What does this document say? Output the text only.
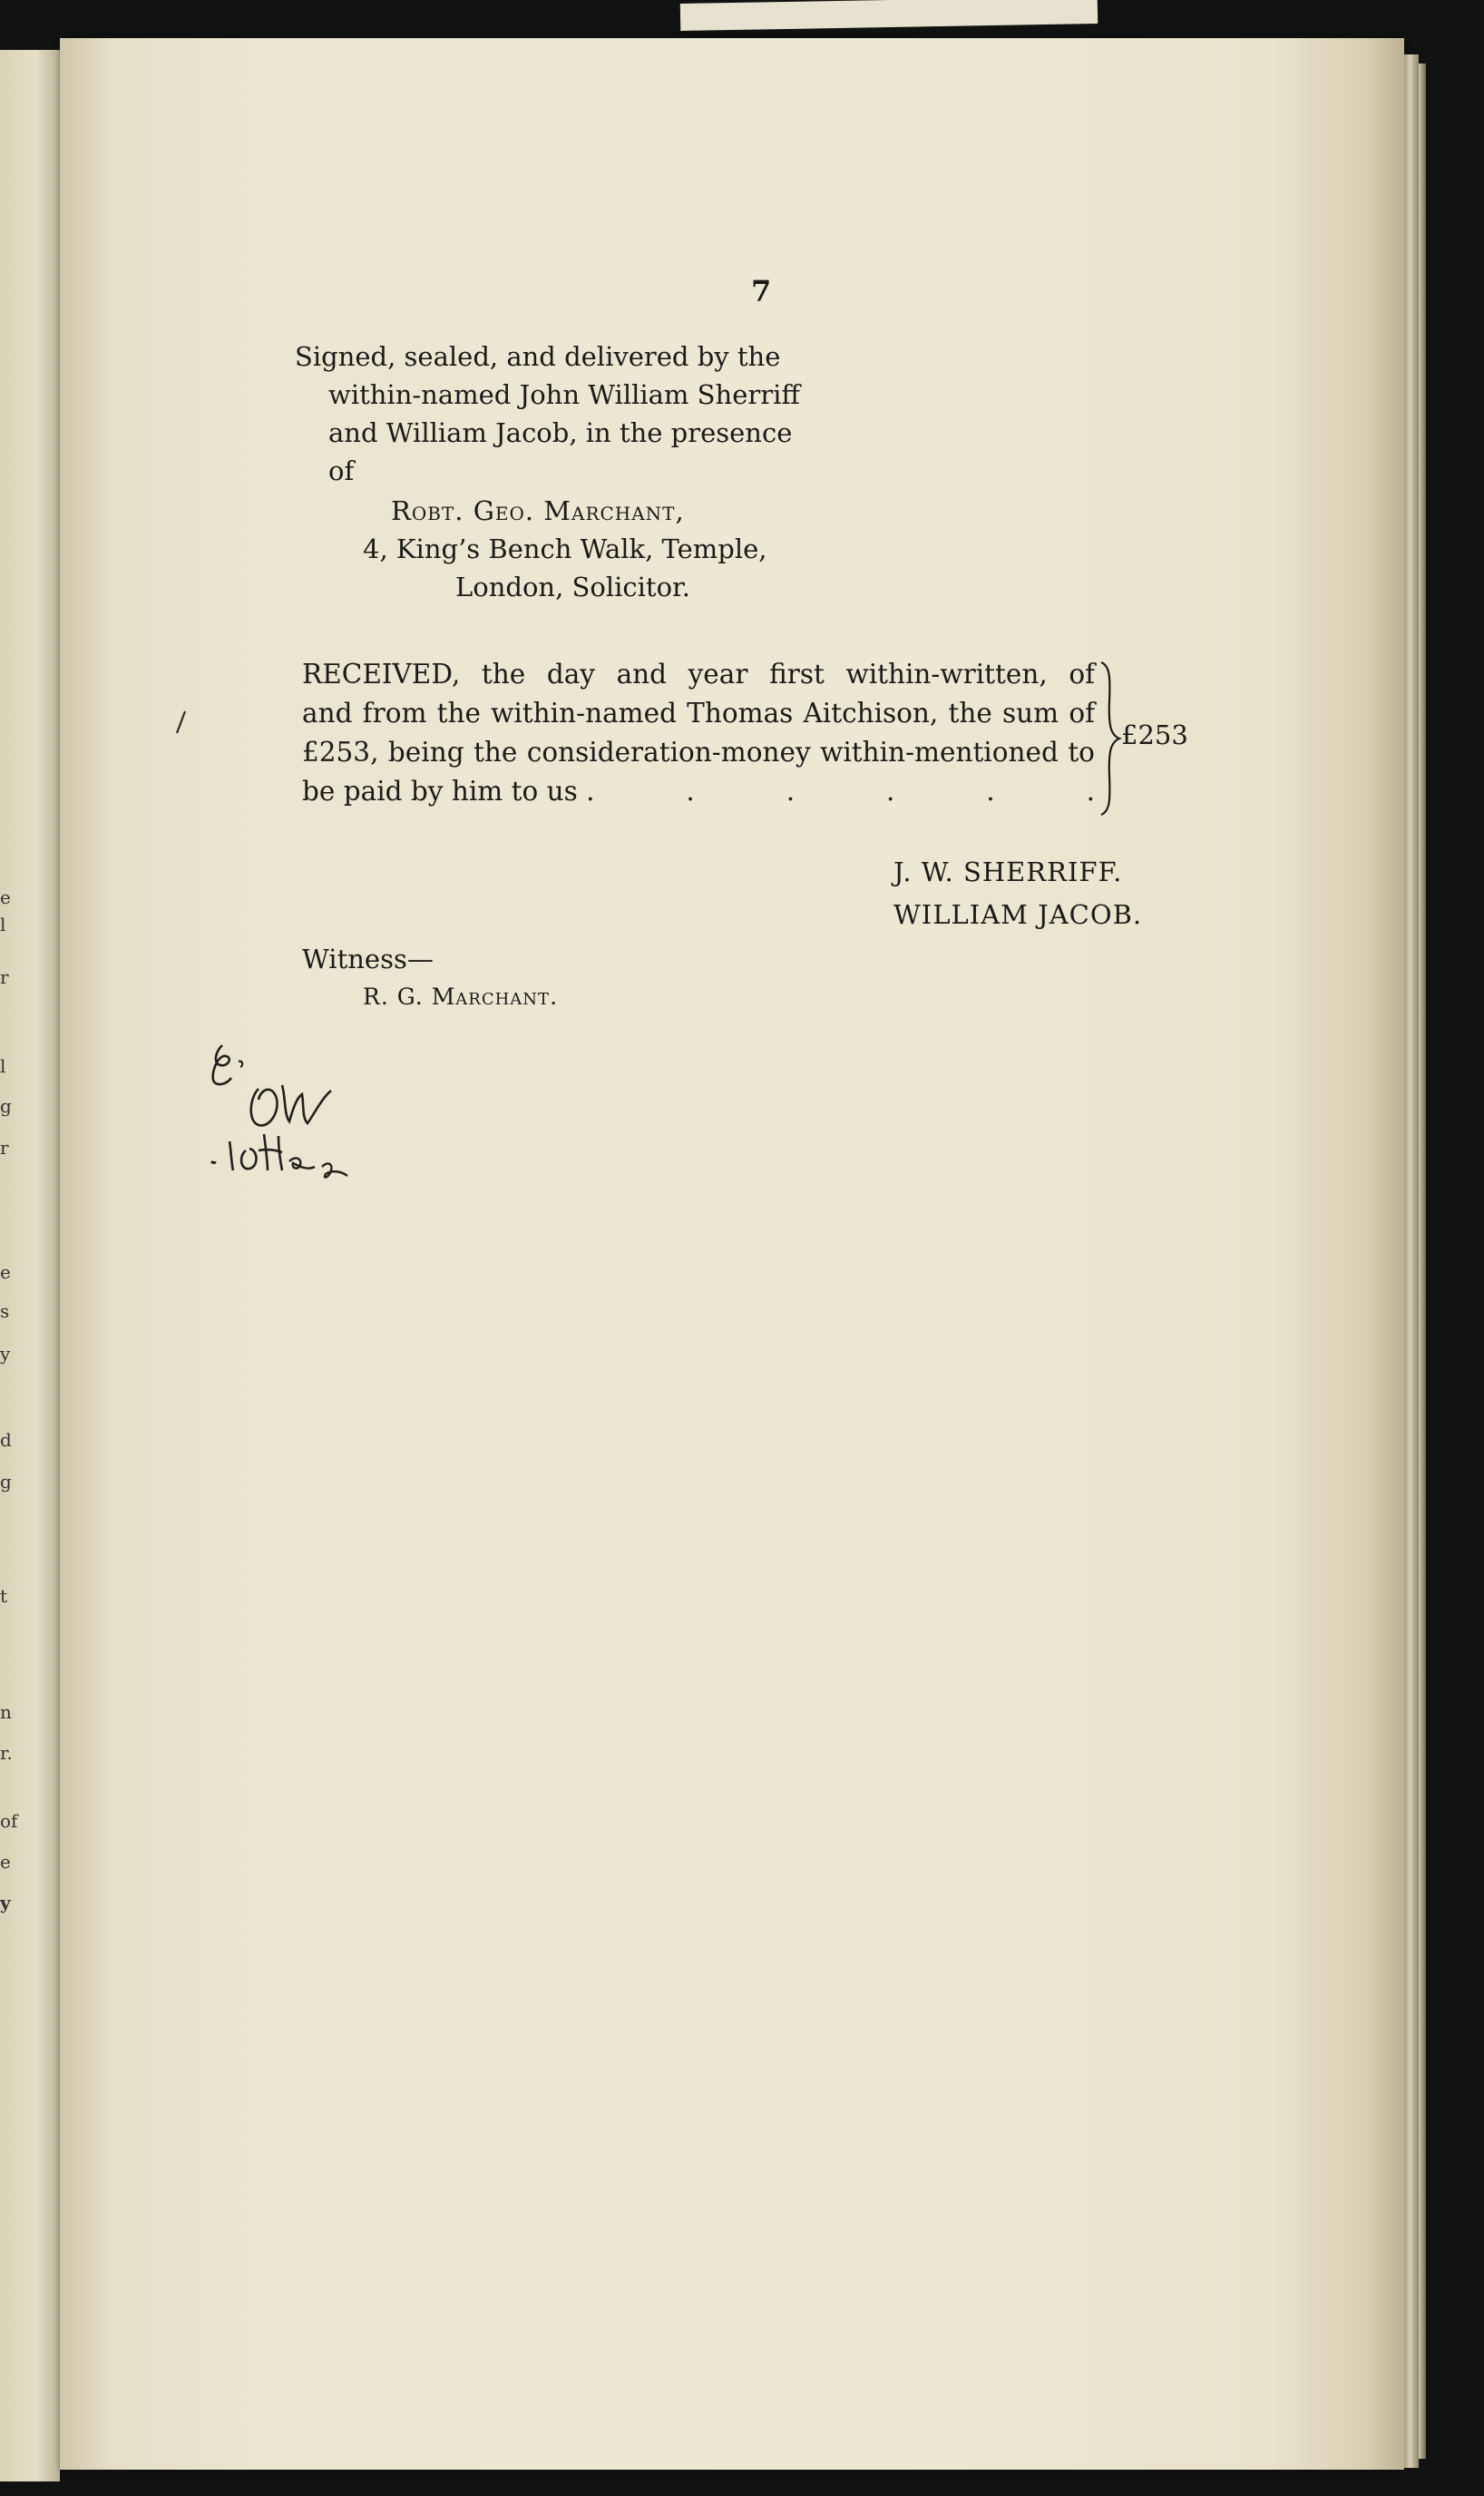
e
l
r
l
g
r
e
s
y
d
g
t
n
r.
of
e
y
7
Signed, sealed, and delivered by the
within-named John William Sherriff
and William Jacob, in the presence
of
Robt. Geo. Marchant,
4, King’s Bench Walk, Temple,
London, Solicitor.
RECEIVED, the day and year first within-written, of
and from the within-named Thomas Aitchison, the sum of
£253, being the consideration-money within-mentioned to
be paid by him to us .	.	.	.	.	.
£253
J. W. SHERRIFF.
WILLIAM JACOB.
Witness—
R. G. Marchant.
